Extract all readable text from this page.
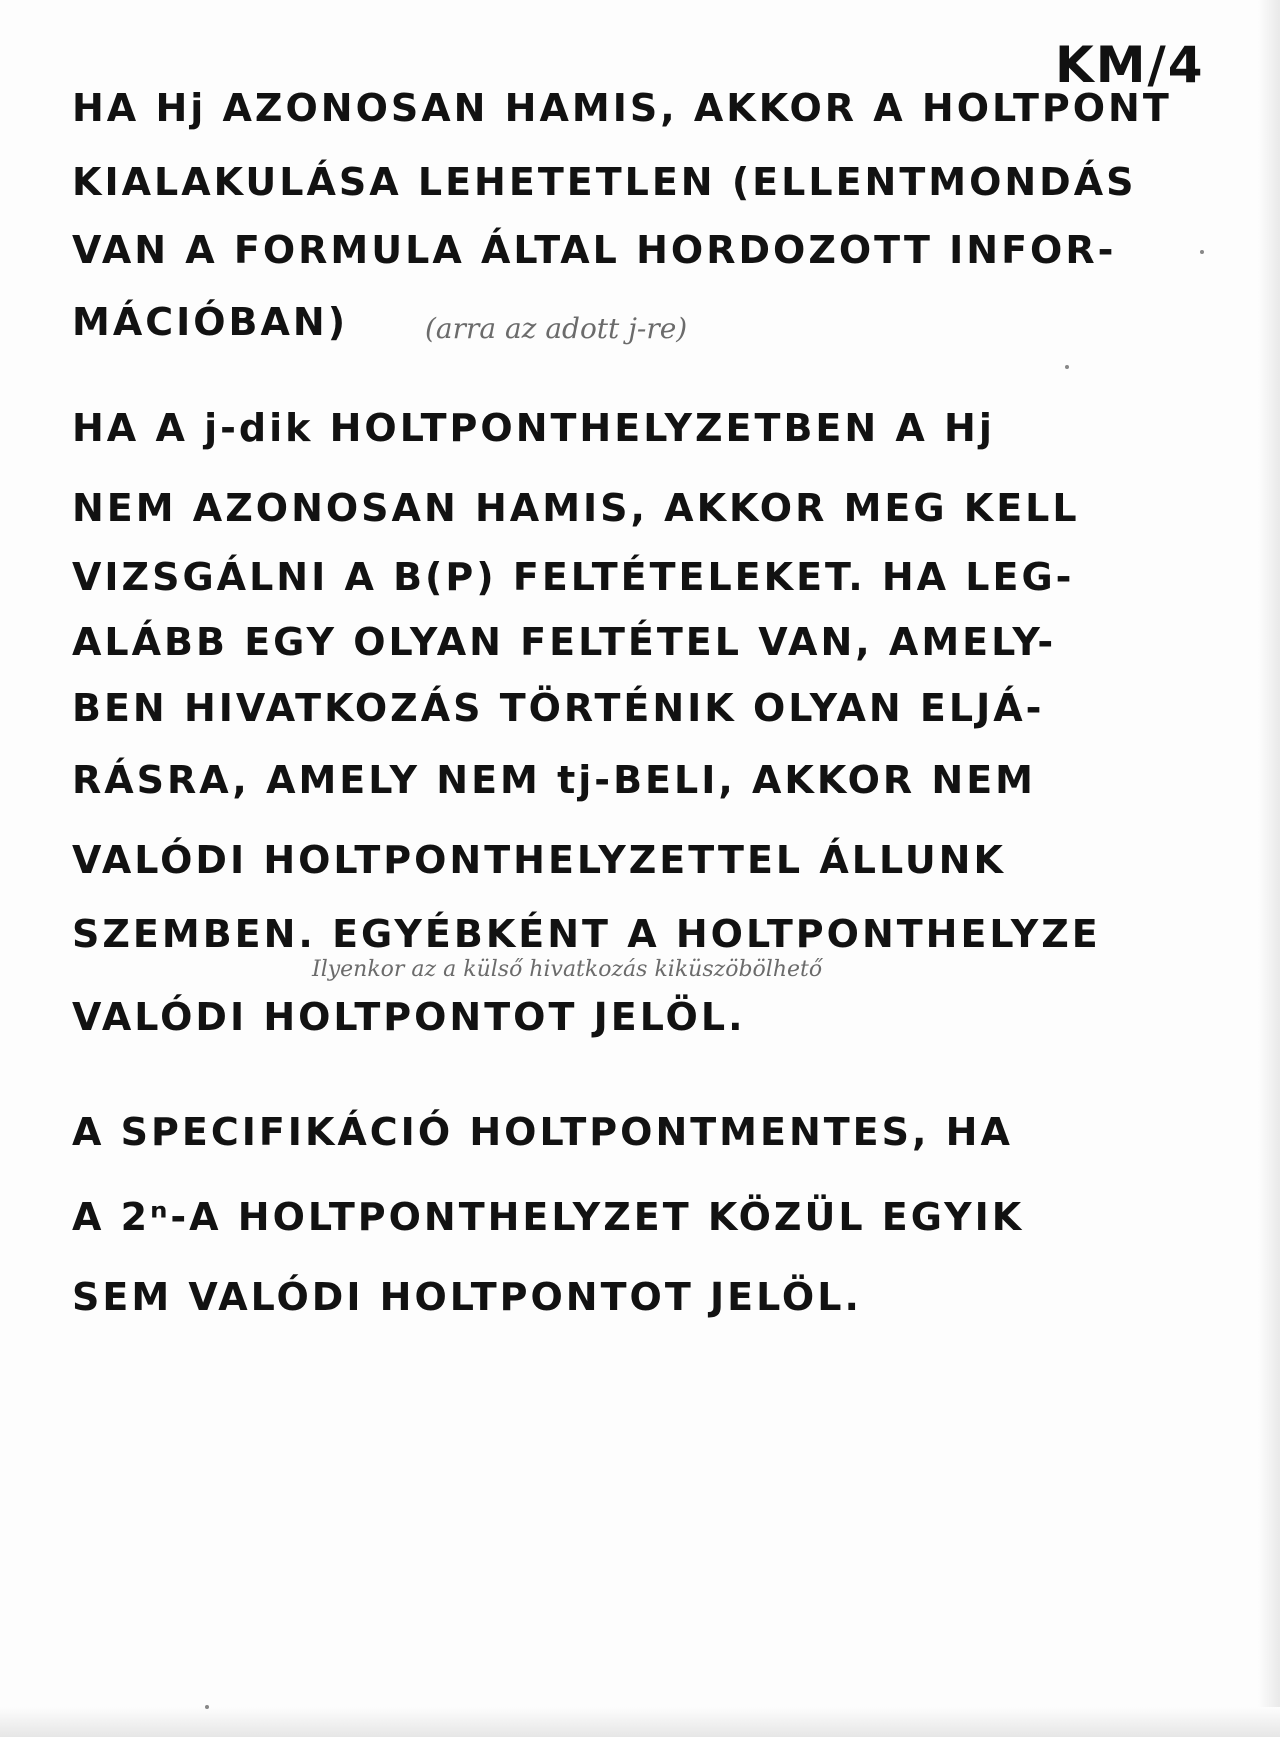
KM/4
HA Hj AZONOSAN HAMIS, AKKOR A HOLTPONT
KIALAKULÁSA LEHETETLEN (ELLENTMONDÁS
VAN A FORMULA ÁLTAL HORDOZOTT INFOR-
MÁCIÓBAN)	(arra az adott j-re)
HA A j-dik HOLTPONTHELYZETBEN A Hj
NEM AZONOSAN HAMIS, AKKOR MEG KELL
VIZSGÁLNI A B(P) FELTÉTELEKET. HA LEG-
ALÁBB EGY OLYAN FELTÉTEL VAN, AMELY-
BEN HIVATKOZÁS TÖRTÉNIK OLYAN ELJÁ-
RÁSRA, AMELY NEM tj-BELI, AKKOR NEM
VALÓDI HOLTPONTHELYZETTEL ÁLLUNK
SZEMBEN. EGYÉBKÉNT A HOLTPONTHELYZE
Ilyenkor az a külső hivatkozás kiküszöbölhető
VALÓDI HOLTPONTOT JELÖL.
A SPECIFIKÁCIÓ HOLTPONTMENTES, HA
A 2ⁿ-A HOLTPONTHELYZET KÖZÜL EGYIK
SEM VALÓDI HOLTPONTOT JELÖL.
